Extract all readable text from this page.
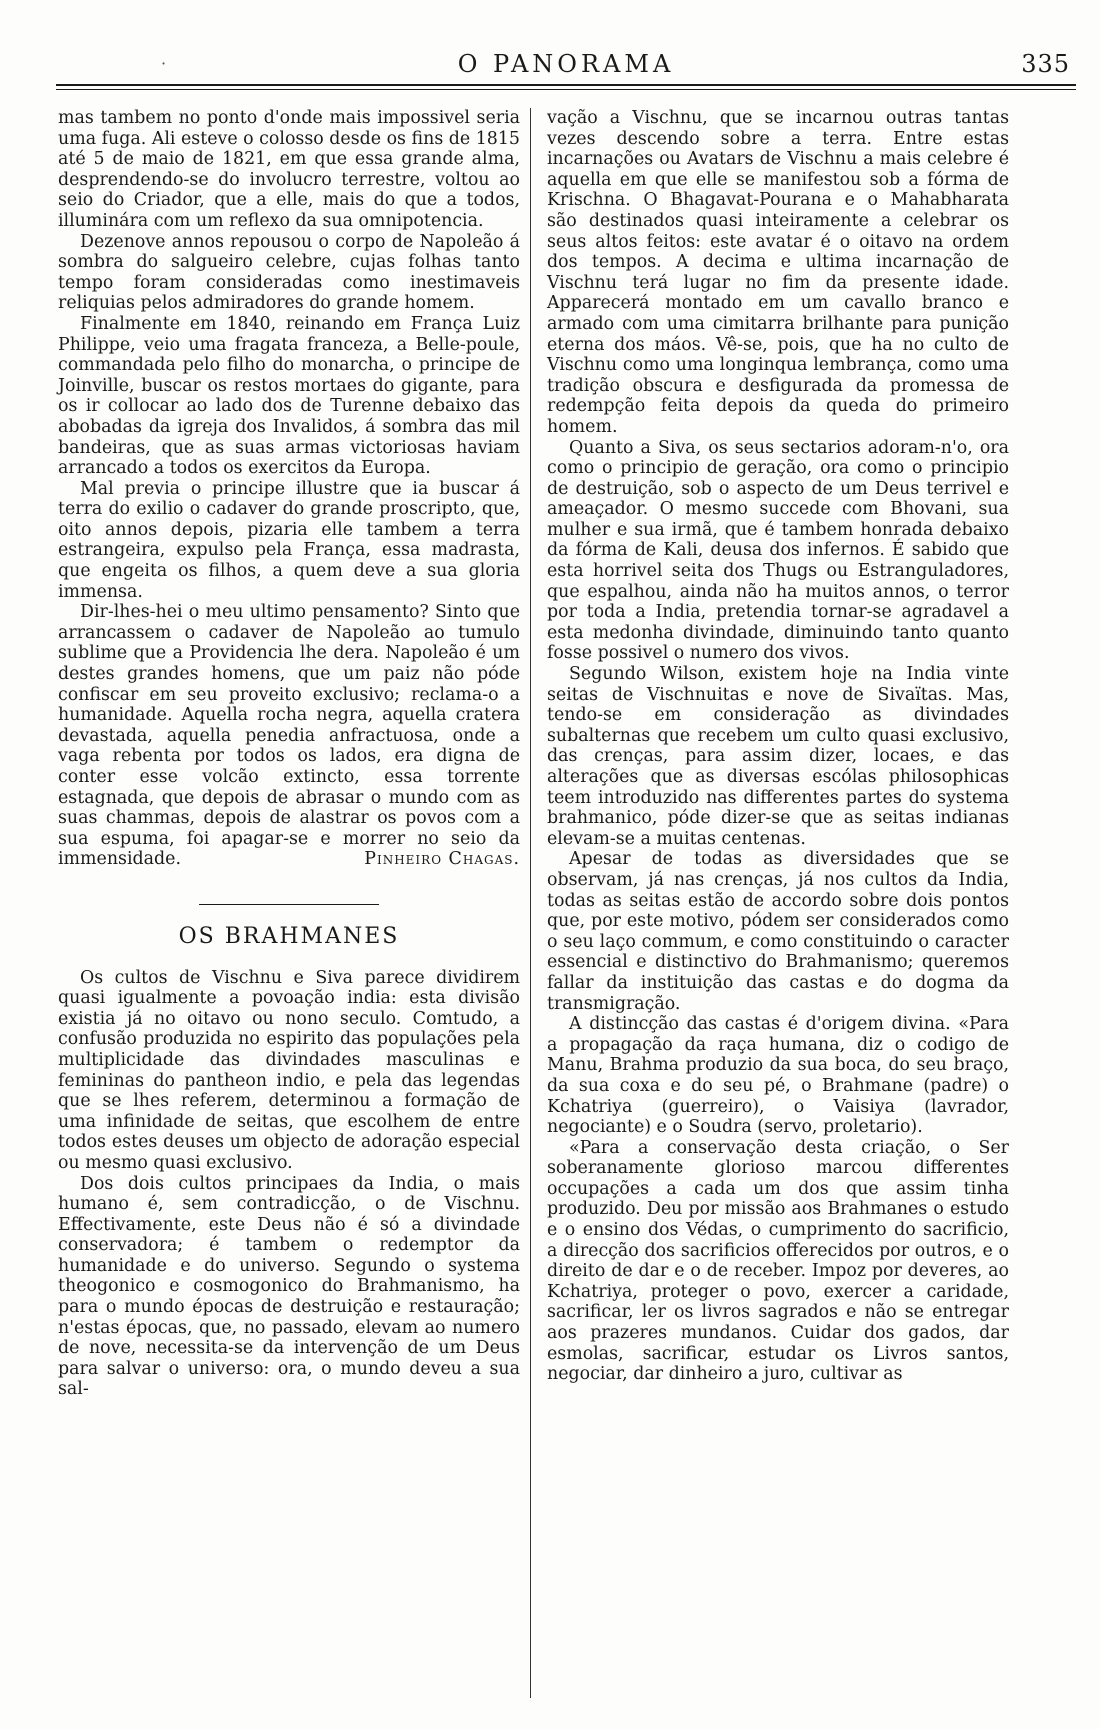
·	O PANORAMA	335

mas tambem no ponto d'onde mais impossivel seria uma fuga. Ali esteve o colosso desde os fins de 1815 até 5 de maio de 1821, em que essa grande alma, desprendendo-se do involucro terrestre, voltou ao seio do Criador, que a elle, mais do que a todos, illuminára com um reflexo da sua omnipotencia.

Dezenove annos repousou o corpo de Napoleão á sombra do salgueiro celebre, cujas folhas tanto tempo foram consideradas como inestimaveis reliquias pelos admiradores do grande homem.

Finalmente em 1840, reinando em França Luiz Philippe, veio uma fragata franceza, a Belle-poule, commandada pelo filho do monarcha, o principe de Joinville, buscar os restos mortaes do gigante, para os ir collocar ao lado dos de Turenne debaixo das abobadas da igreja dos Invalidos, á sombra das mil bandeiras, que as suas armas victoriosas haviam arrancado a todos os exercitos da Europa.

Mal previa o principe illustre que ia buscar á terra do exilio o cadaver do grande proscripto, que, oito annos depois, pizaria elle tambem a terra estrangeira, expulso pela França, essa madrasta, que engeita os filhos, a quem deve a sua gloria immensa.

Dir-lhes-hei o meu ultimo pensamento? Sinto que arrancassem o cadaver de Napoleão ao tumulo sublime que a Providencia lhe dera. Napoleão é um destes grandes homens, que um paiz não póde confiscar em seu proveito exclusivo; reclama-o a humanidade. Aquella rocha negra, aquella cratera devastada, aquella penedia anfractuosa, onde a vaga rebenta por todos os lados, era digna de conter esse volcão extincto, essa torrente estagnada, que depois de abrasar o mundo com as suas chammas, depois de alastrar os povos com a sua espuma, foi apagar-se e morrer no seio da immensidade.	Pinheiro Chagas.

OS BRAHMANES

Os cultos de Vischnu e Siva parece dividirem quasi igualmente a povoação india: esta divisão existia já no oitavo ou nono seculo. Comtudo, a confusão produzida no espirito das populações pela multiplicidade das divindades masculinas e femininas do pantheon indio, e pela das legendas que se lhes referem, determinou a formação de uma infinidade de seitas, que escolhem de entre todos estes deuses um objecto de adoração especial ou mesmo quasi exclusivo.

Dos dois cultos principaes da India, o mais humano é, sem contradicção, o de Vischnu. Effectivamente, este Deus não é só a divindade conservadora; é tambem o redemptor da humanidade e do universo. Segundo o systema theogonico e cosmogonico do Brahmanismo, ha para o mundo épocas de destruição e restauração; n'estas épocas, que, no passado, elevam ao numero de nove, necessita-se da intervenção de um Deus para salvar o universo: ora, o mundo deveu a sua sal-

vação a Vischnu, que se incarnou outras tantas vezes descendo sobre a terra. Entre estas incarnações ou Avatars de Vischnu a mais celebre é aquella em que elle se manifestou sob a fórma de Krischna. O Bhagavat-Pourana e o Mahabharata são destinados quasi inteiramente a celebrar os seus altos feitos: este avatar é o oitavo na ordem dos tempos. A decima e ultima incarnação de Vischnu terá lugar no fim da presente idade. Apparecerá montado em um cavallo branco e armado com uma cimitarra brilhante para punição eterna dos máos. Vê-se, pois, que ha no culto de Vischnu como uma longinqua lembrança, como uma tradição obscura e desfigurada da promessa de redempção feita depois da queda do primeiro homem.

Quanto a Siva, os seus sectarios adoram-n'o, ora como o principio de geração, ora como o principio de destruição, sob o aspecto de um Deus terrivel e ameaçador. O mesmo succede com Bhovani, sua mulher e sua irmã, que é tambem honrada debaixo da fórma de Kali, deusa dos infernos. É sabido que esta horrivel seita dos Thugs ou Estranguladores, que espalhou, ainda não ha muitos annos, o terror por toda a India, pretendia tornar-se agradavel a esta medonha divindade, diminuindo tanto quanto fosse possivel o numero dos vivos.

Segundo Wilson, existem hoje na India vinte seitas de Vischnuitas e nove de Sivaïtas. Mas, tendo-se em consideração as divindades subalternas que recebem um culto quasi exclusivo, das crenças, para assim dizer, locaes, e das alterações que as diversas escólas philosophicas teem introduzido nas differentes partes do systema brahmanico, póde dizer-se que as seitas indianas elevam-se a muitas centenas.

Apesar de todas as diversidades que se observam, já nas crenças, já nos cultos da India, todas as seitas estão de accordo sobre dois pontos que, por este motivo, pódem ser considerados como o seu laço commum, e como constituindo o caracter essencial e distinctivo do Brahmanismo; queremos fallar da instituição das castas e do dogma da transmigração.

A distincção das castas é d'origem divina. «Para a propagação da raça humana, diz o codigo de Manu, Brahma produzio da sua boca, do seu braço, da sua coxa e do seu pé, o Brahmane (padre) o Kchatriya (guerreiro), o Vaisiya (lavrador, negociante) e o Soudra (servo, proletario).

«Para a conservação desta criação, o Ser soberanamente glorioso marcou differentes occupações a cada um dos que assim tinha produzido. Deu por missão aos Brahmanes o estudo e o ensino dos Védas, o cumprimento do sacrificio, a direcção dos sacrificios offerecidos por outros, e o direito de dar e o de receber. Impoz por deveres, ao Kchatriya, proteger o povo, exercer a caridade, sacrificar, ler os livros sagrados e não se entregar aos prazeres mundanos. Cuidar dos gados, dar esmolas, sacrificar, estudar os Livros santos, negociar, dar dinheiro a juro, cultivar as
